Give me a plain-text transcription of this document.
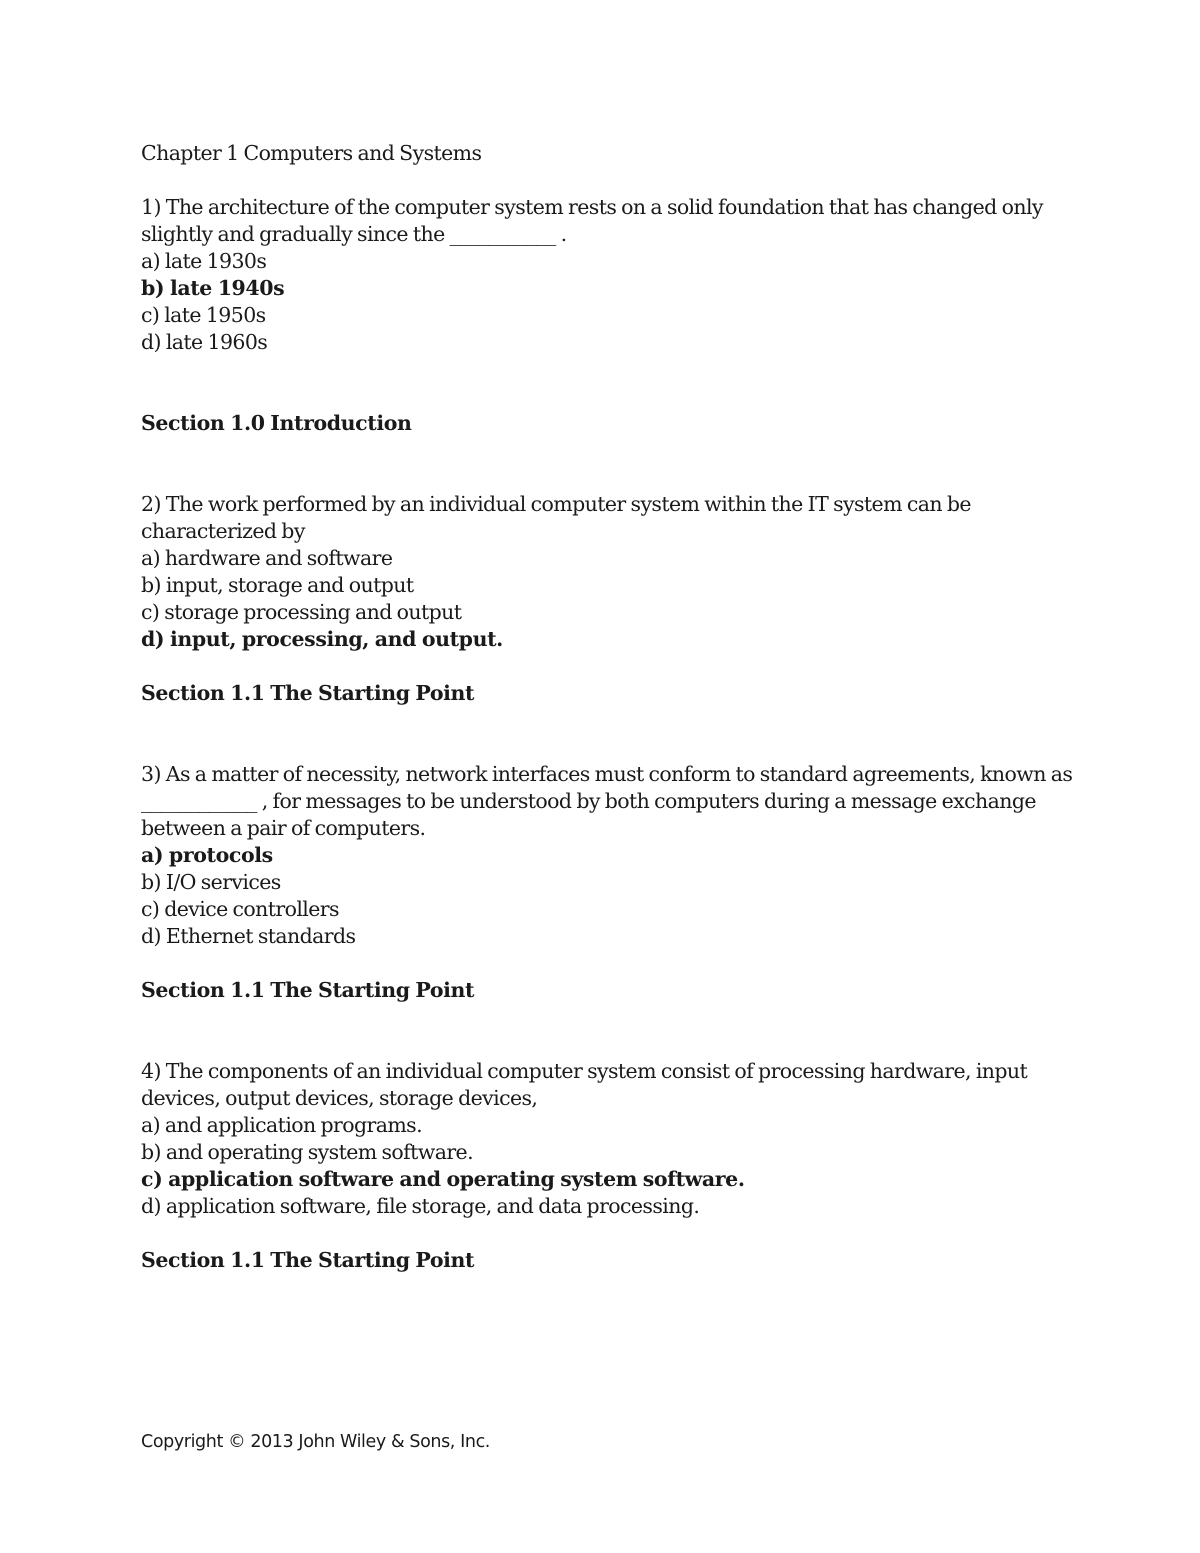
Chapter 1 Computers and Systems

1) The architecture of the computer system rests on a solid foundation that has changed only

slightly and gradually since the ___________ .

a) late 1930s

b) late 1940s

c) late 1950s

d) late 1960s

Section 1.0 Introduction

2) The work performed by an individual computer system within the IT system can be

characterized by

a) hardware and software

b) input, storage and output

c) storage processing and output

d) input, processing, and output.

Section 1.1 The Starting Point

3) As a matter of necessity, network interfaces must conform to standard agreements, known as

____________ , for messages to be understood by both computers during a message exchange

between a pair of computers.

a) protocols

b) I/O services

c) device controllers

d) Ethernet standards

Section 1.1 The Starting Point

4) The components of an individual computer system consist of processing hardware, input

devices, output devices, storage devices,

a) and application programs.

b) and operating system software.

c) application software and operating system software.

d) application software, file storage, and data processing.

Section 1.1 The Starting Point

Copyright © 2013 John Wiley & Sons, Inc.
